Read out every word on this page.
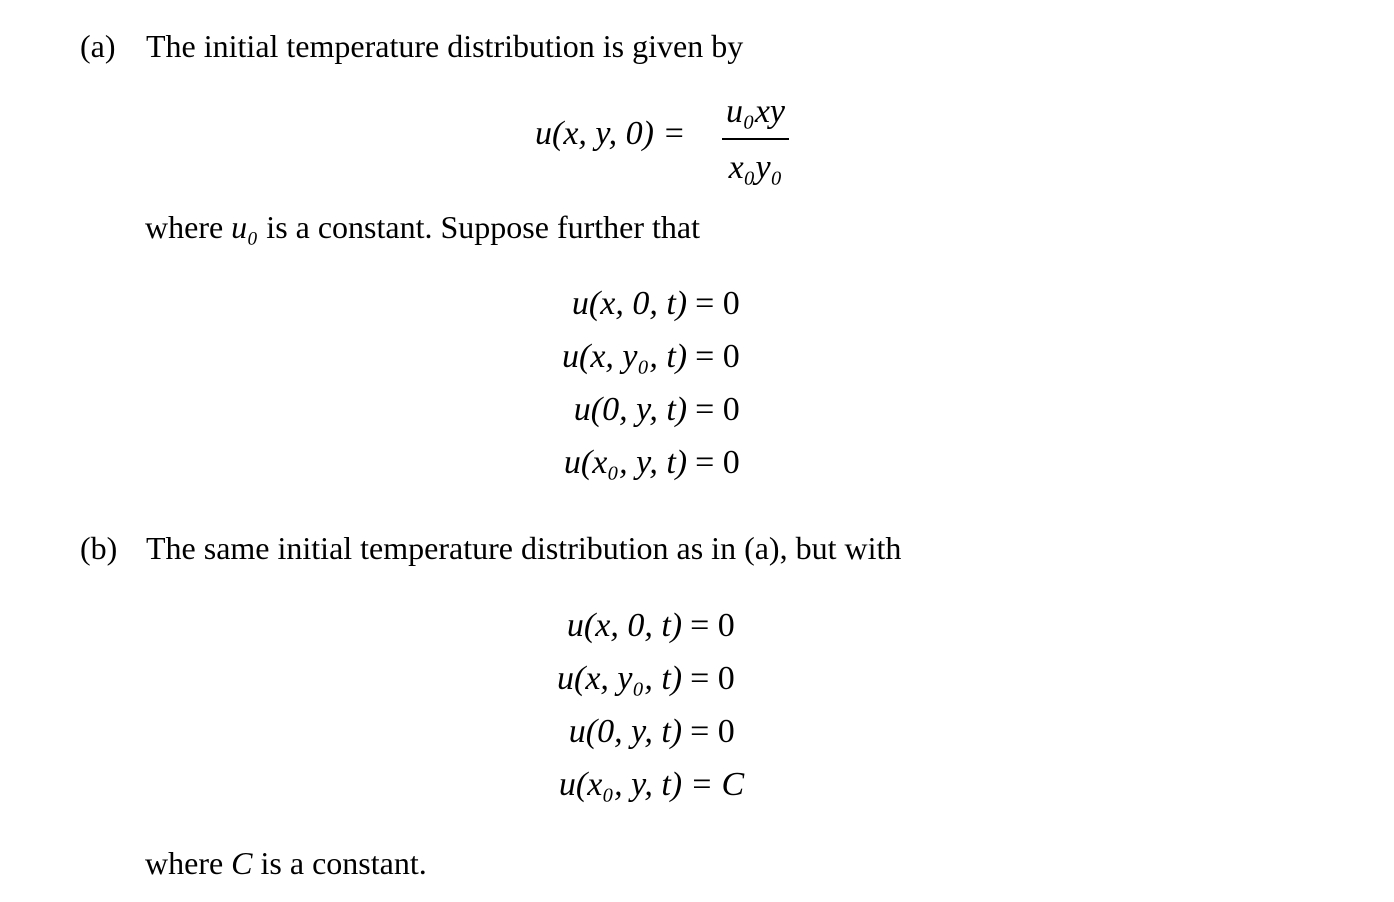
(a) The initial temperature distribution is given by
u(x, y, 0) =
u₀xy
x₀y₀
where u₀ is a constant. Suppose further that
u(x, 0, t) = 0
u(x, y₀, t) = 0
u(0, y, t) = 0
u(x₀, y, t) = 0
(b) The same initial temperature distribution as in (a), but with
u(x, 0, t) = 0
u(x, y₀, t) = 0
u(0, y, t) = 0
u(x₀, y, t) = C
where C is a constant.
